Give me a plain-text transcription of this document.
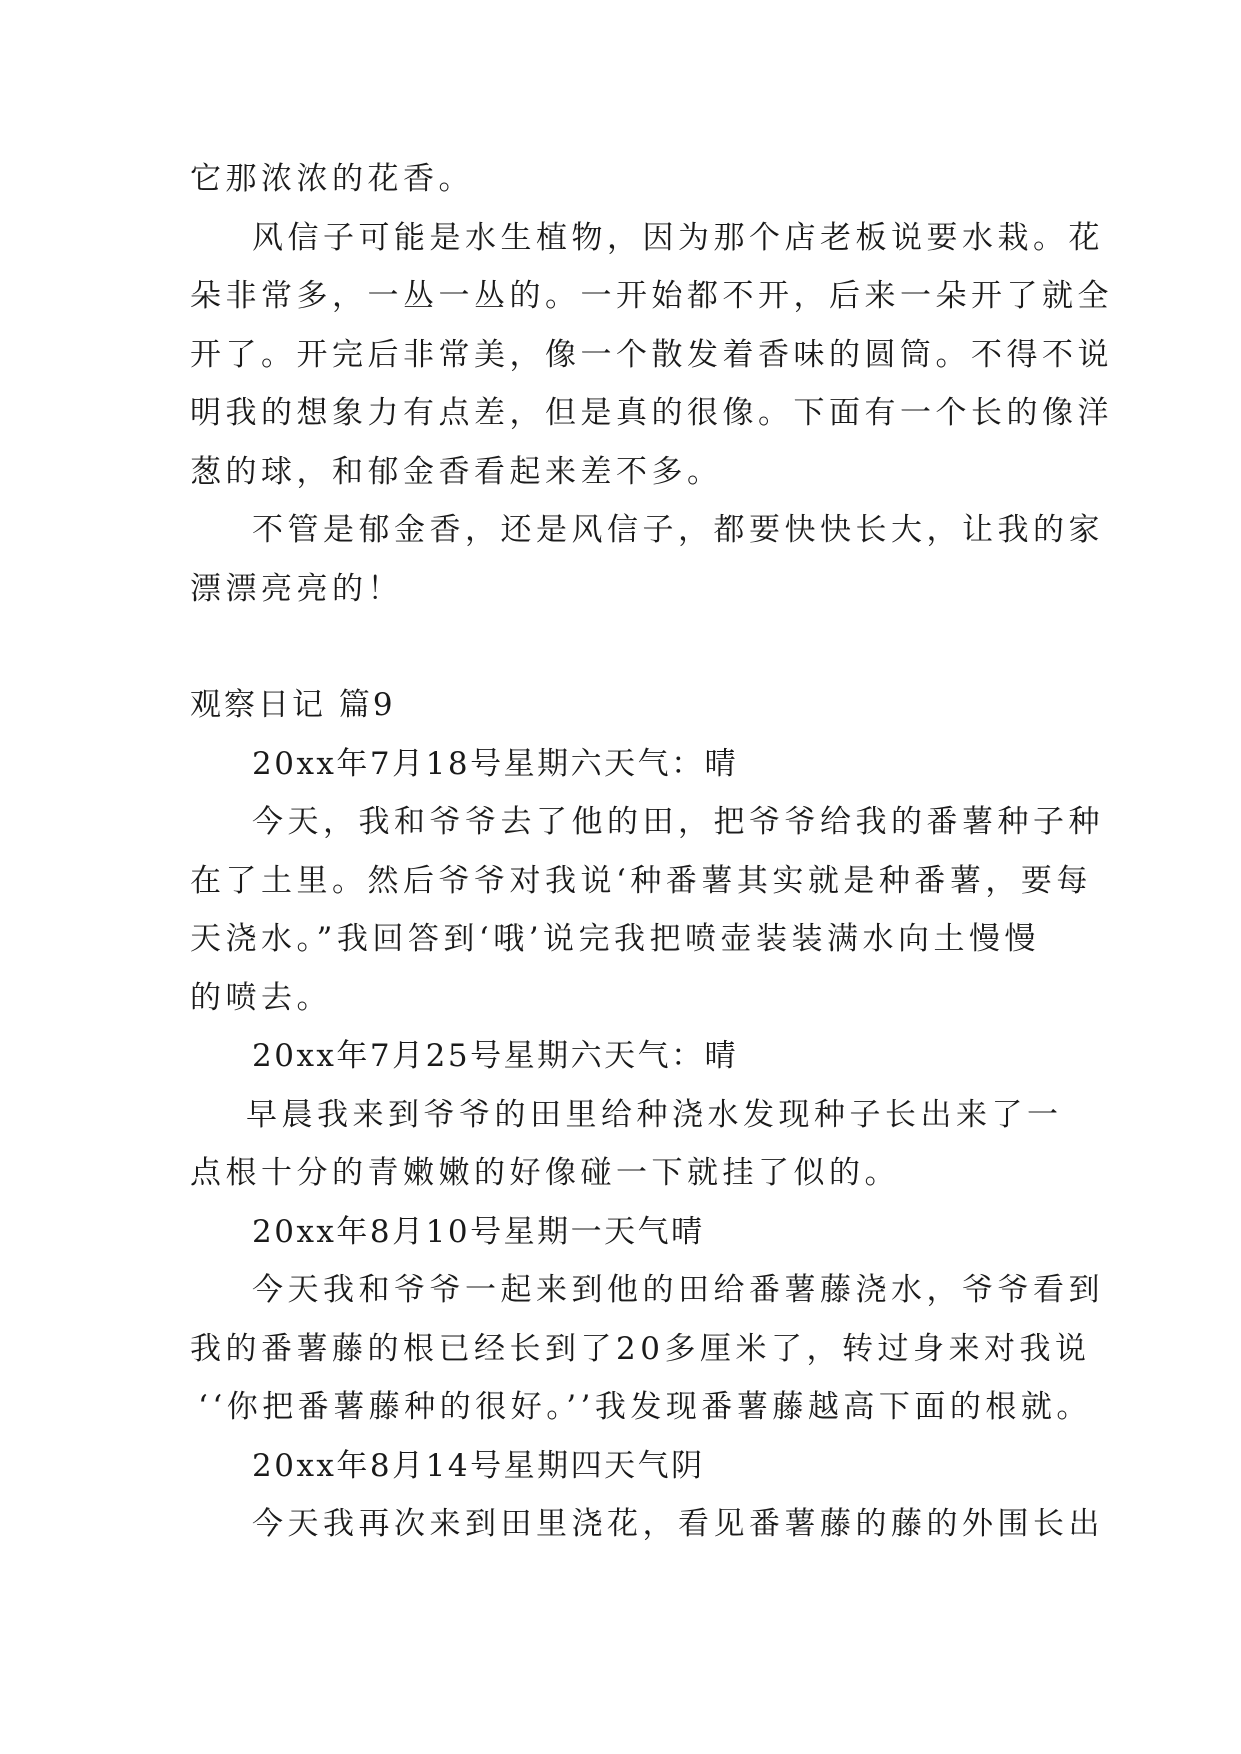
它那浓浓的花香。

风信子可能是水生植物，因为那个店老板说要水栽。花

朵非常多，一丛一丛的。一开始都不开，后来一朵开了就全

开了。开完后非常美，像一个散发着香味的圆筒。不得不说

明我的想象力有点差，但是真的很像。下面有一个长的像洋

葱的球，和郁金香看起来差不多。

不管是郁金香，还是风信子，都要快快长大，让我的家

漂漂亮亮的！

观察日记 篇9

20xx年7月18号星期六天气：晴

今天，我和爷爷去了他的田，把爷爷给我的番薯种子种

在了土里。然后爷爷对我说‘种番薯其实就是种番薯，要每

天浇水。”我回答到‘哦’说完我把喷壶装装满水向土慢慢

的喷去。

20xx年7月25号星期六天气：晴

早晨我来到爷爷的田里给种浇水发现种子长出来了一

点根十分的青嫩嫩的好像碰一下就挂了似的。

20xx年8月10号星期一天气晴

今天我和爷爷一起来到他的田给番薯藤浇水，爷爷看到

我的番薯藤的根已经长到了20多厘米了，转过身来对我说

‘‘你把番薯藤种的很好。’’我发现番薯藤越高下面的根就。

20xx年8月14号星期四天气阴

今天我再次来到田里浇花，看见番薯藤的藤的外围长出
